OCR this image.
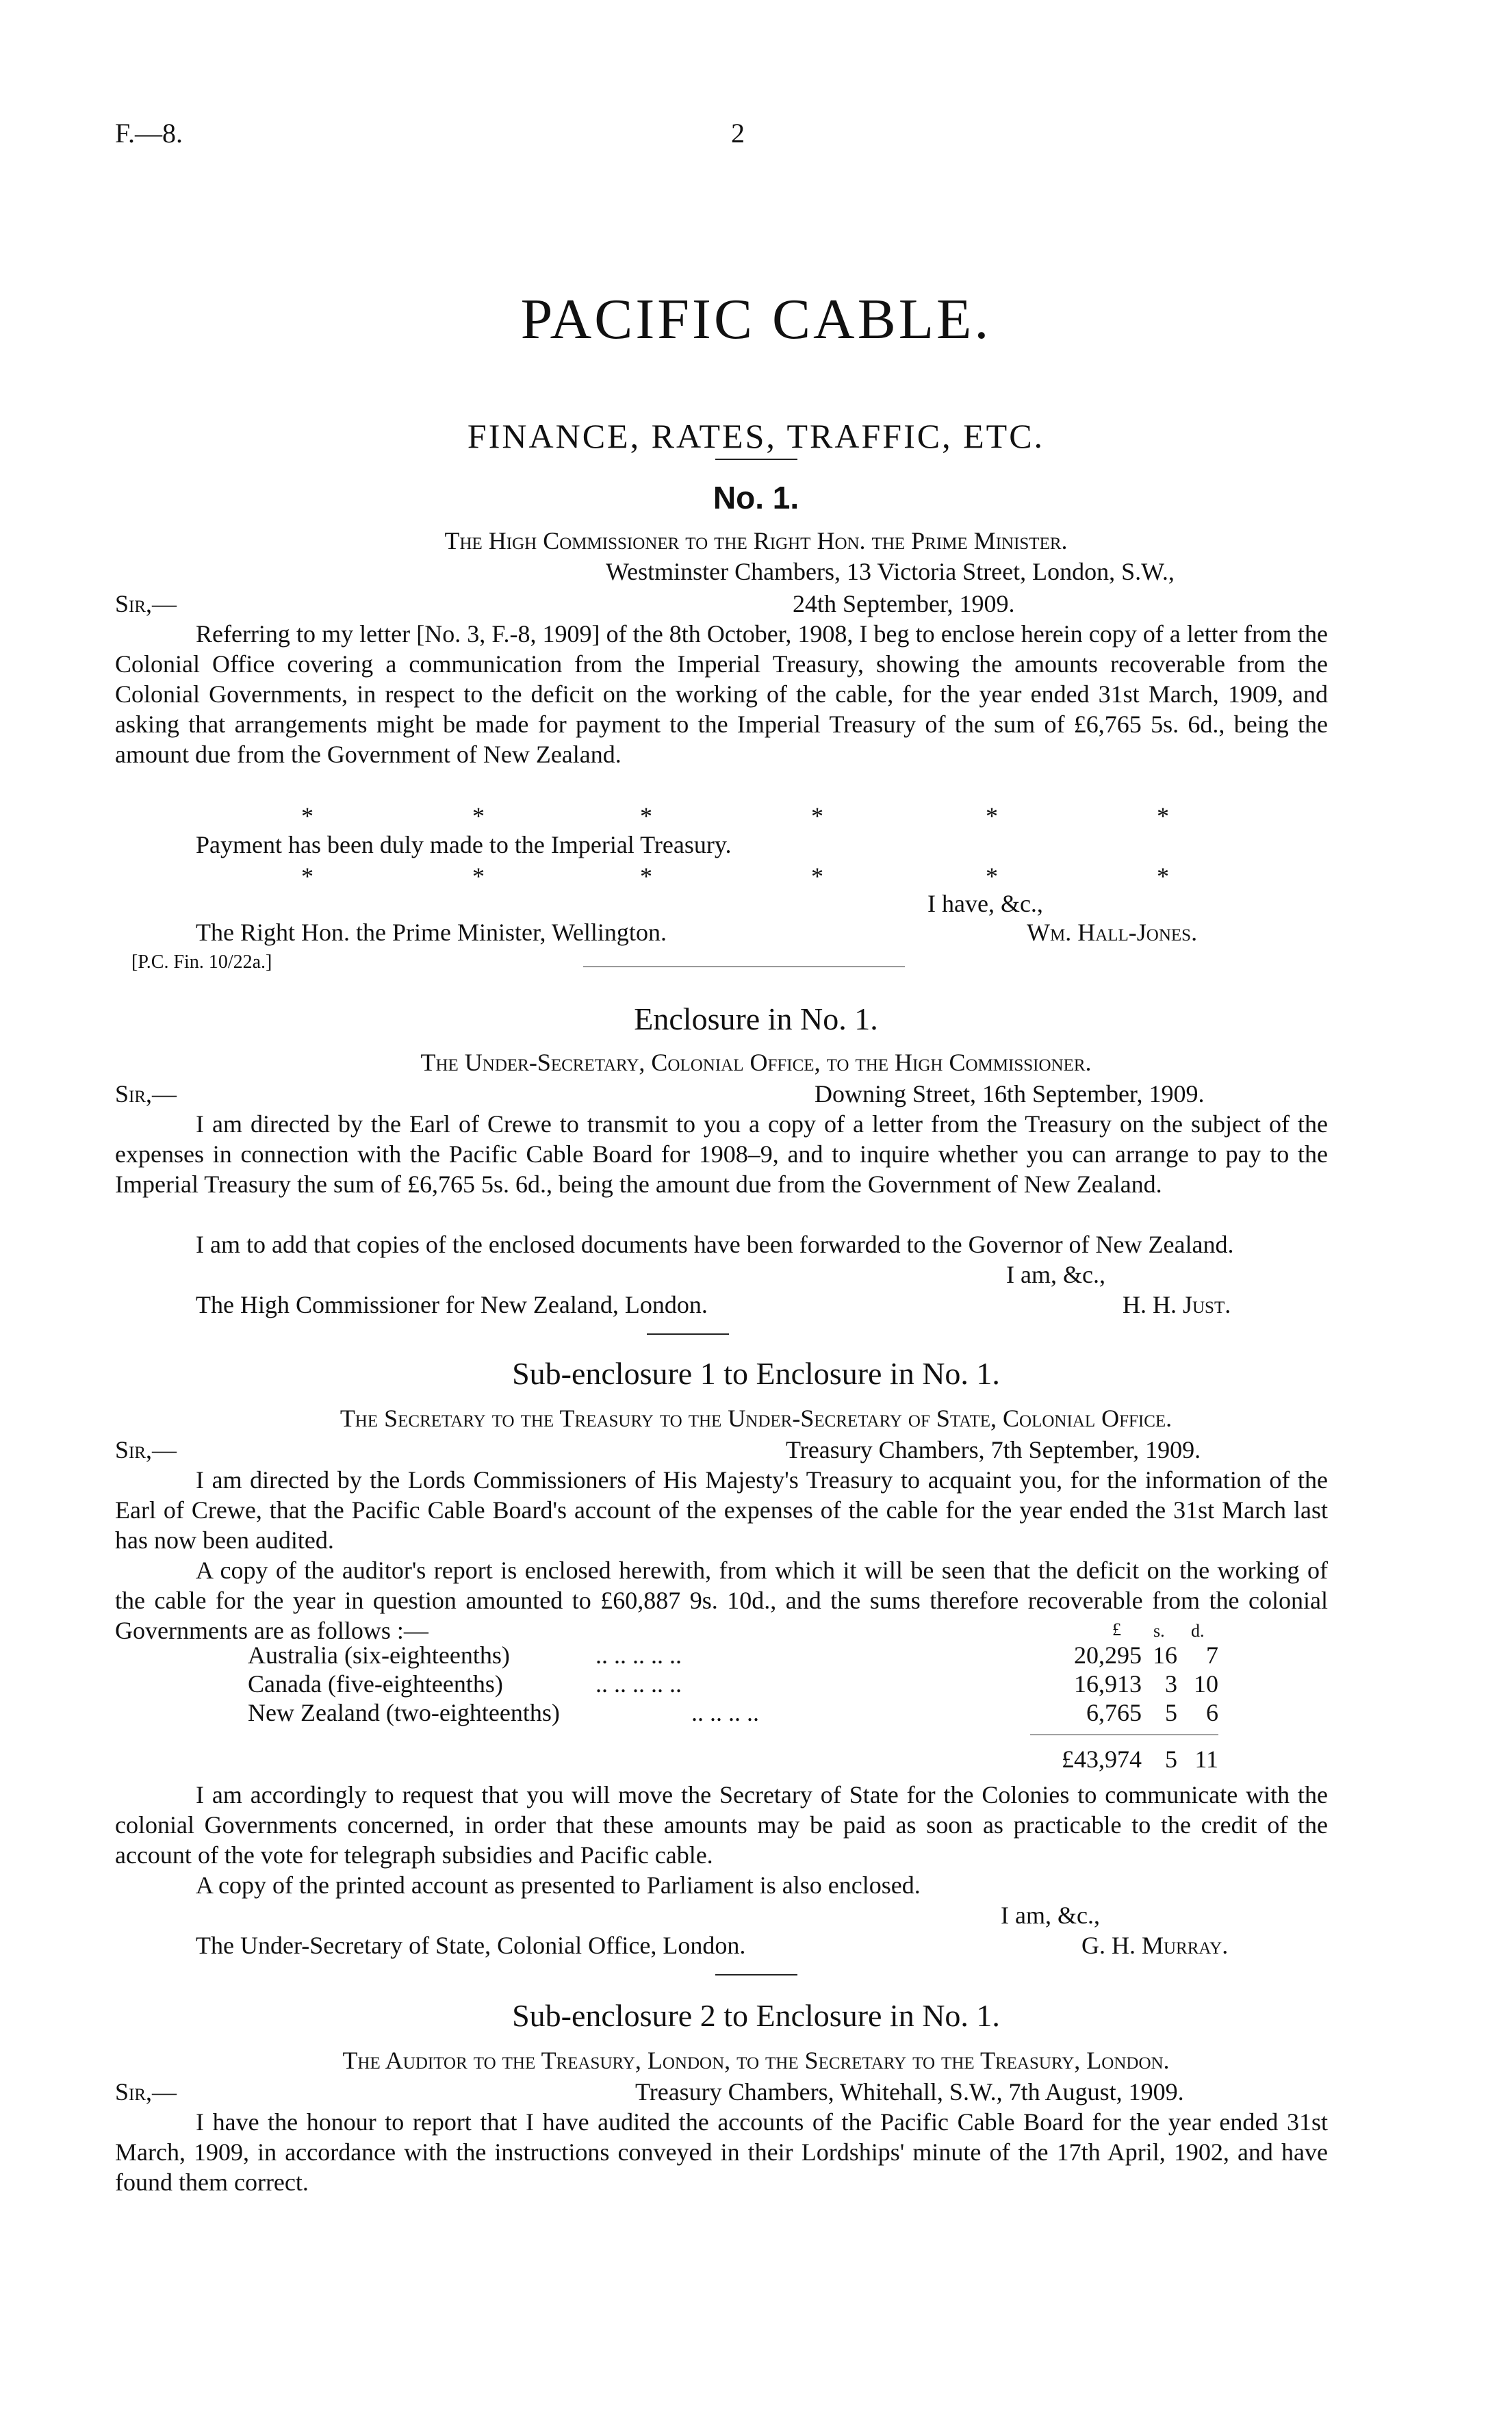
F.—8.	2
PACIFIC CABLE.
FINANCE, RATES, TRAFFIC, ETC.
No. 1.
The High Commissioner to the Right Hon. the Prime Minister.
Westminster Chambers, 13 Victoria Street, London, S.W.,
Sir,—	24th September, 1909.
Referring to my letter [No. 3, F.-8, 1909] of the 8th October, 1908, I beg to enclose herein copy of a letter from the Colonial Office covering a communication from the Imperial Treasury, showing the amounts recoverable from the Colonial Governments, in respect to the deficit on the working of the cable, for the year ended 31st March, 1909, and asking that arrangements might be made for payment to the Imperial Treasury of the sum of £6,765 5s. 6d., being the amount due from the Government of New Zealand.
*	*	*	*	*	*
Payment has been duly made to the Imperial Treasury.
*	*	*	*	*	*
I have, &c.,
The Right Hon. the Prime Minister, Wellington.	Wm. Hall-Jones.
[P.C. Fin. 10/22a.]
Enclosure in No. 1.
The Under-Secretary, Colonial Office, to the High Commissioner.
Sir,—	Downing Street, 16th September, 1909.
I am directed by the Earl of Crewe to transmit to you a copy of a letter from the Treasury on the subject of the expenses in connection with the Pacific Cable Board for 1908–9, and to inquire whether you can arrange to pay to the Imperial Treasury the sum of £6,765 5s. 6d., being the amount due from the Government of New Zealand.
I am to add that copies of the enclosed documents have been forwarded to the Governor of New Zealand.
I am, &c.,
The High Commissioner for New Zealand, London.	H. H. Just.
Sub-enclosure 1 to Enclosure in No. 1.
The Secretary to the Treasury to the Under-Secretary of State, Colonial Office.
Sir,—	Treasury Chambers, 7th September, 1909.
I am directed by the Lords Commissioners of His Majesty's Treasury to acquaint you, for the information of the Earl of Crewe, that the Pacific Cable Board's account of the expenses of the cable for the year ended the 31st March last has now been audited.
A copy of the auditor's report is enclosed herewith, from which it will be seen that the deficit on the working of the cable for the year in question amounted to £60,887 9s. 10d., and the sums therefore recoverable from the colonial Governments are as follows :—	£ s. d.
Australia (six-eighteenths)	.. .. .. .. ..	20,295 16	7
Canada (five-eighteenths)	.. .. .. .. ..	16,913 3 10
New Zealand (two-eighteenths)	.. .. .. ..	6,765 5	6
£43,974 5 11
I am accordingly to request that you will move the Secretary of State for the Colonies to communicate with the colonial Governments concerned, in order that these amounts may be paid as soon as practicable to the credit of the account of the vote for telegraph subsidies and Pacific cable.
A copy of the printed account as presented to Parliament is also enclosed.
I am, &c.,
The Under-Secretary of State, Colonial Office, London.	G. H. Murray.
Sub-enclosure 2 to Enclosure in No. 1.
The Auditor to the Treasury, London, to the Secretary to the Treasury, London.
Sir,—	Treasury Chambers, Whitehall, S.W., 7th August, 1909.
I have the honour to report that I have audited the accounts of the Pacific Cable Board for the year ended 31st March, 1909, in accordance with the instructions conveyed in their Lordships' minute of the 17th April, 1902, and have found them correct.
